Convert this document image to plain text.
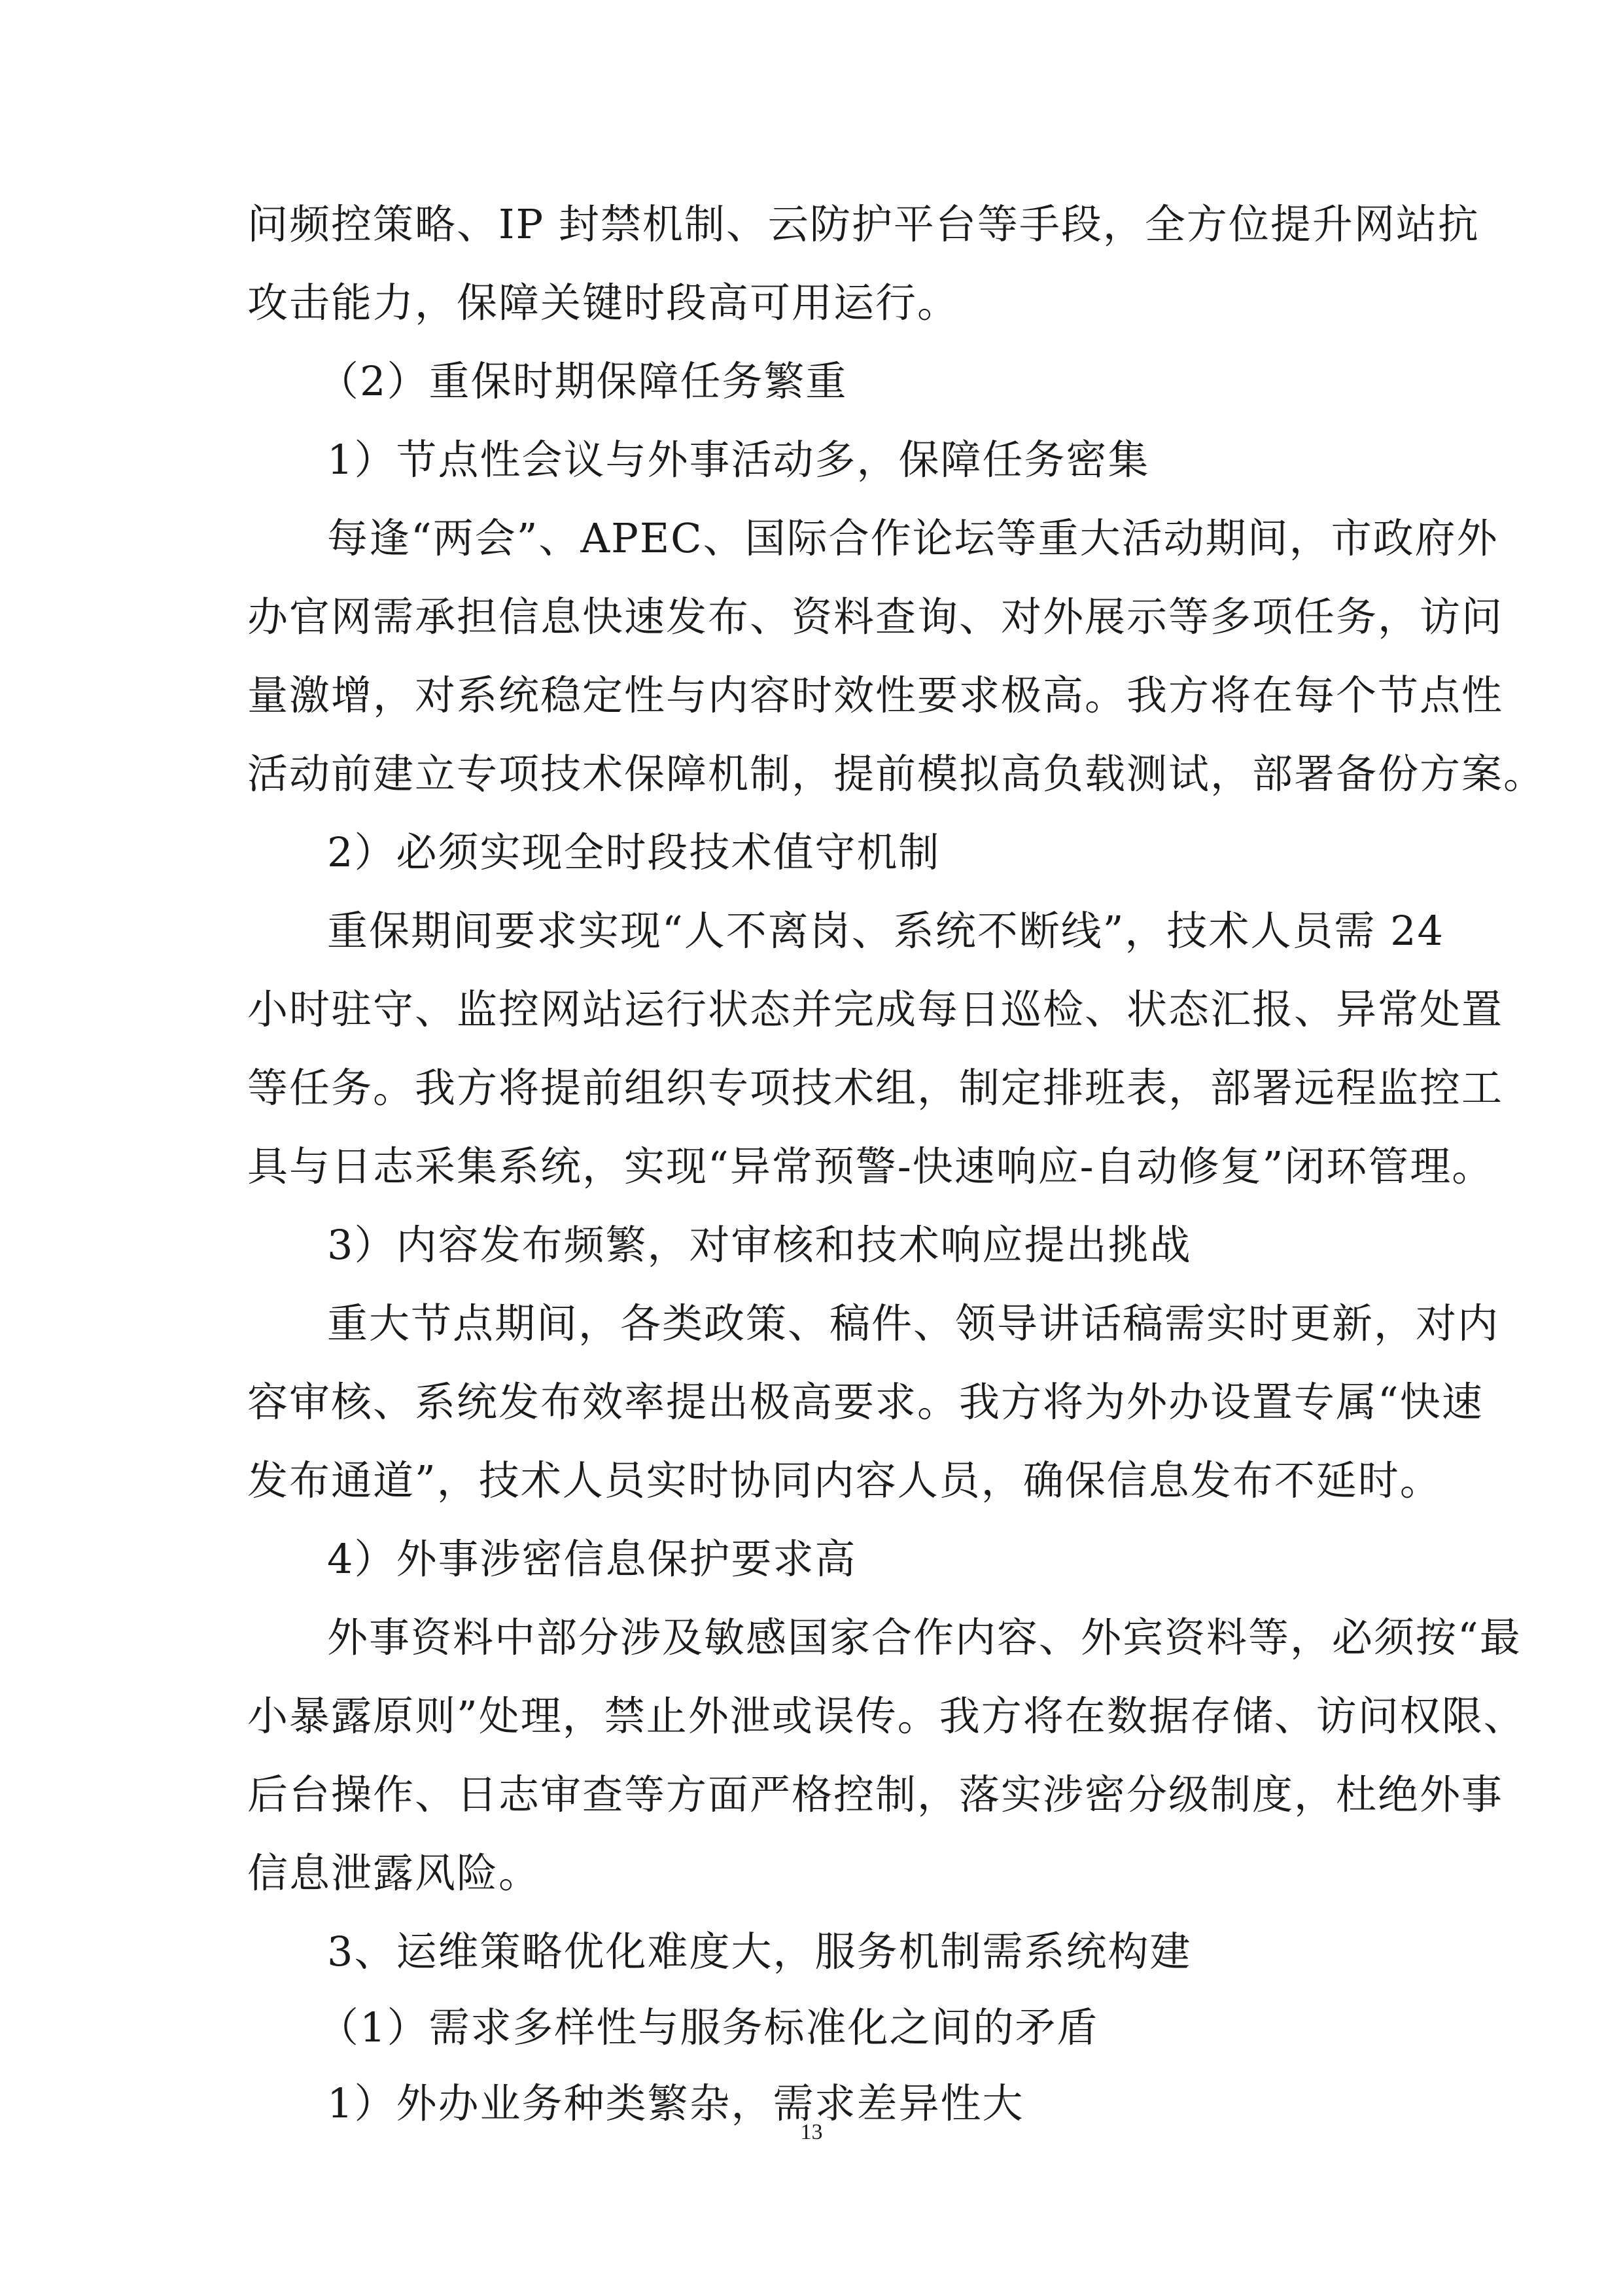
问频控策略、IP 封禁机制、云防护平台等手段，全方位提升网站抗
攻击能力，保障关键时段高可用运行。
（2）重保时期保障任务繁重
1）节点性会议与外事活动多，保障任务密集
每逢“两会”、APEC、国际合作论坛等重大活动期间，市政府外
办官网需承担信息快速发布、资料查询、对外展示等多项任务，访问
量激增，对系统稳定性与内容时效性要求极高。我方将在每个节点性
活动前建立专项技术保障机制，提前模拟高负载测试，部署备份方案。
2）必须实现全时段技术值守机制
重保期间要求实现“人不离岗、系统不断线”，技术人员需 24
小时驻守、监控网站运行状态并完成每日巡检、状态汇报、异常处置
等任务。我方将提前组织专项技术组，制定排班表，部署远程监控工
具与日志采集系统，实现“异常预警-快速响应-自动修复”闭环管理。
3）内容发布频繁，对审核和技术响应提出挑战
重大节点期间，各类政策、稿件、领导讲话稿需实时更新，对内
容审核、系统发布效率提出极高要求。我方将为外办设置专属“快速
发布通道”，技术人员实时协同内容人员，确保信息发布不延时。
4）外事涉密信息保护要求高
外事资料中部分涉及敏感国家合作内容、外宾资料等，必须按“最
小暴露原则”处理，禁止外泄或误传。我方将在数据存储、访问权限、
后台操作、日志审查等方面严格控制，落实涉密分级制度，杜绝外事
信息泄露风险。
3、运维策略优化难度大，服务机制需系统构建
（1）需求多样性与服务标准化之间的矛盾
1）外办业务种类繁杂，需求差异性大
13
